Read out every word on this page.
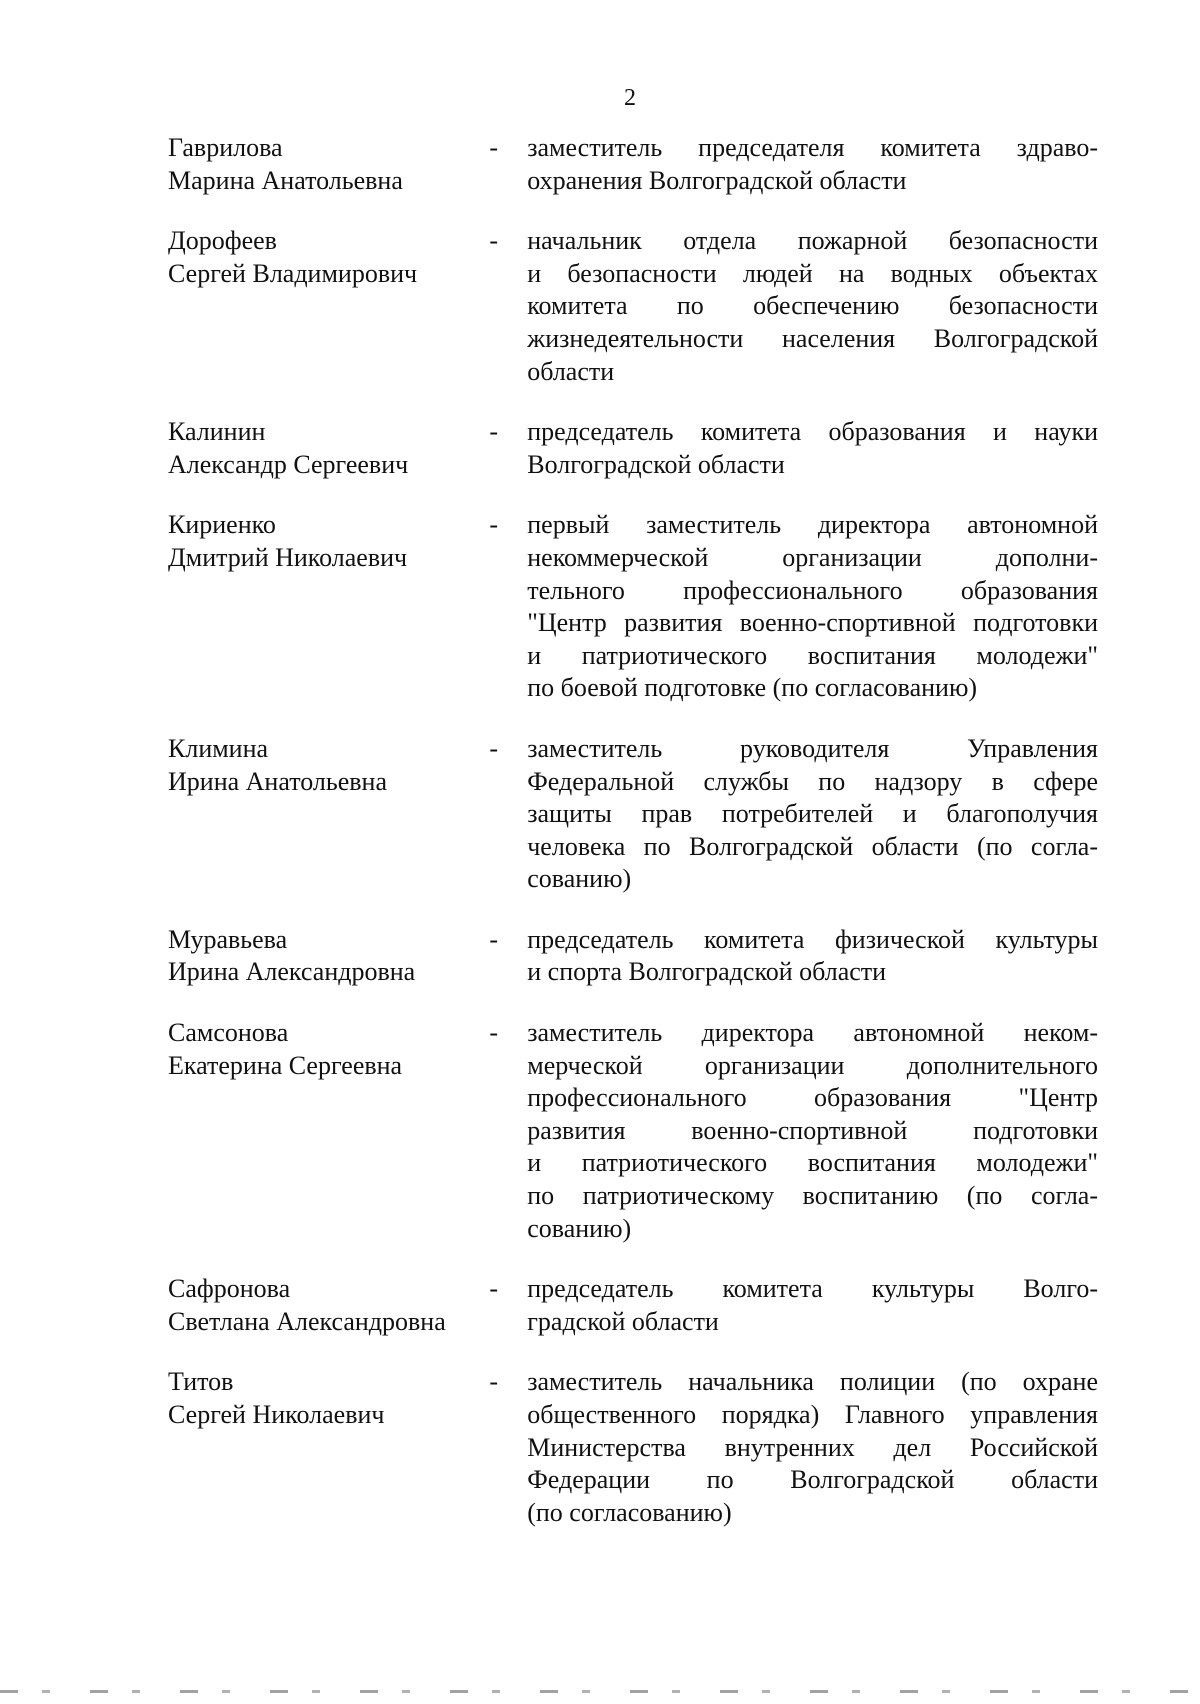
2
Гаврилова
Марина Анатольевна
-	заместитель председателя комитета здраво-
охранения Волгоградской области
Дорофеев
Сергей Владимирович
-	начальник отдела пожарной безопасности
и безопасности людей на водных объектах
комитета по обеспечению безопасности
жизнедеятельности населения Волгоградской
области
Калинин
Александр Сергеевич
-	председатель комитета образования и науки
Волгоградской области
Кириенко
Дмитрий Николаевич
-	первый заместитель директора автономной
некоммерческой организации дополни-
тельного профессионального образования
"Центр развития военно-спортивной подготовки
и патриотического воспитания молодежи"
по боевой подготовке (по согласованию)
Климина
Ирина Анатольевна
-	заместитель руководителя Управления
Федеральной службы по надзору в сфере
защиты прав потребителей и благополучия
человека по Волгоградской области (по согла-
сованию)
Муравьева
Ирина Александровна
-	председатель комитета физической культуры
и спорта Волгоградской области
Самсонова
Екатерина Сергеевна
-	заместитель директора автономной неком-
мерческой организации дополнительного
профессионального образования "Центр
развития военно-спортивной подготовки
и патриотического воспитания молодежи"
по патриотическому воспитанию (по согла-
сованию)
Сафронова
Светлана Александровна
-	председатель комитета культуры Волго-
градской области
Титов
Сергей Николаевич
-	заместитель начальника полиции (по охране
общественного порядка) Главного управления
Министерства внутренних дел Российской
Федерации по Волгоградской области
(по согласованию)
